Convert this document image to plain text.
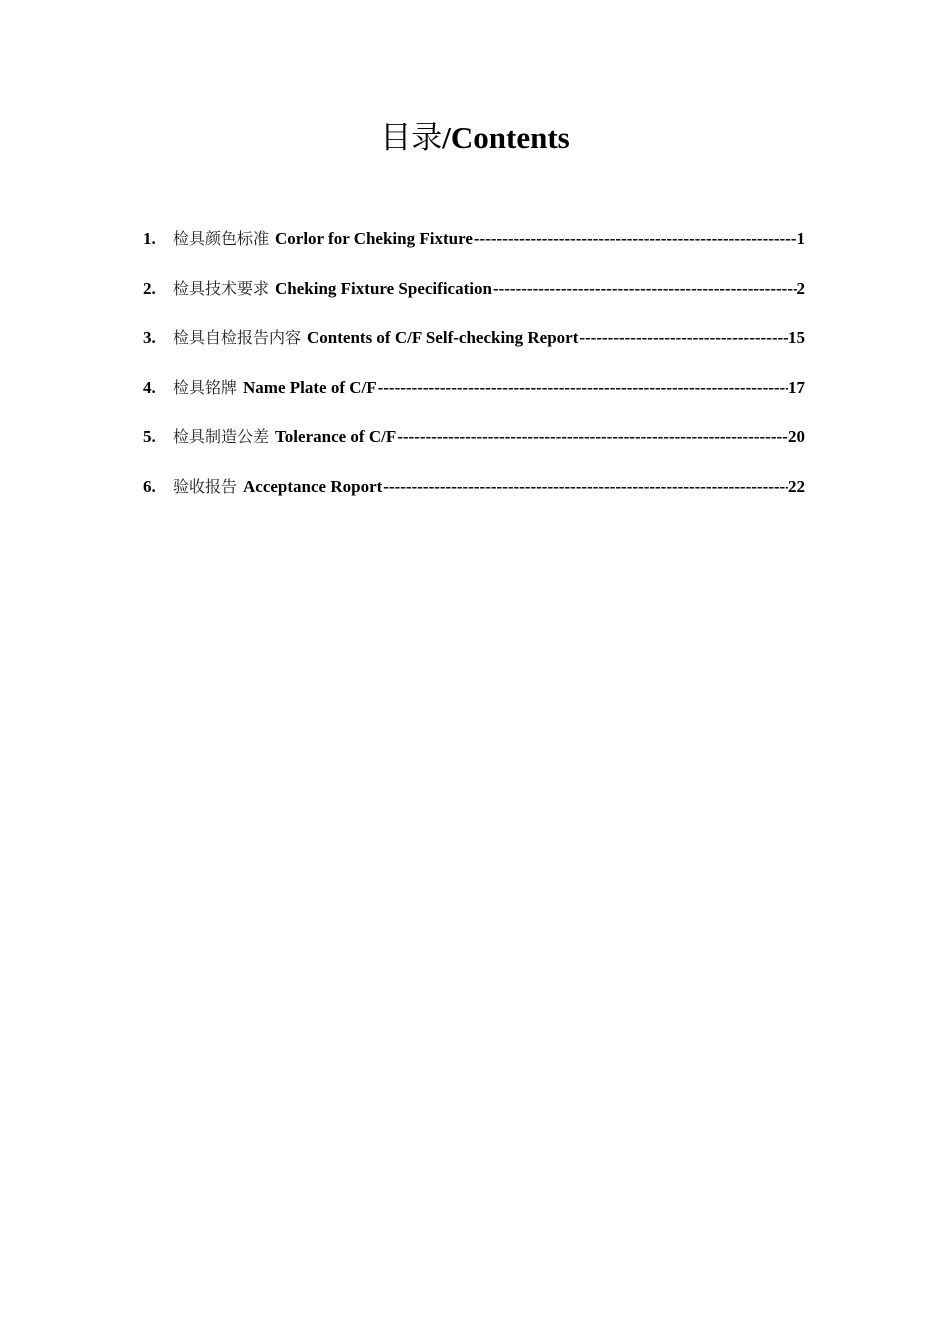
目录/Contents
1.	检具颜色标准 Corlor for Cheking Fixture -----	1
2.	检具技术要求 Cheking Fixture Specification -----	2
3.	检具自检报告内容 Contents of C/F Self-checking Report -----	15
4.	检具铭牌 Name Plate of C/F -----	17
5.	检具制造公差 Tolerance of C/F -----	20
6.	验收报告 Acceptance Roport -----	22
